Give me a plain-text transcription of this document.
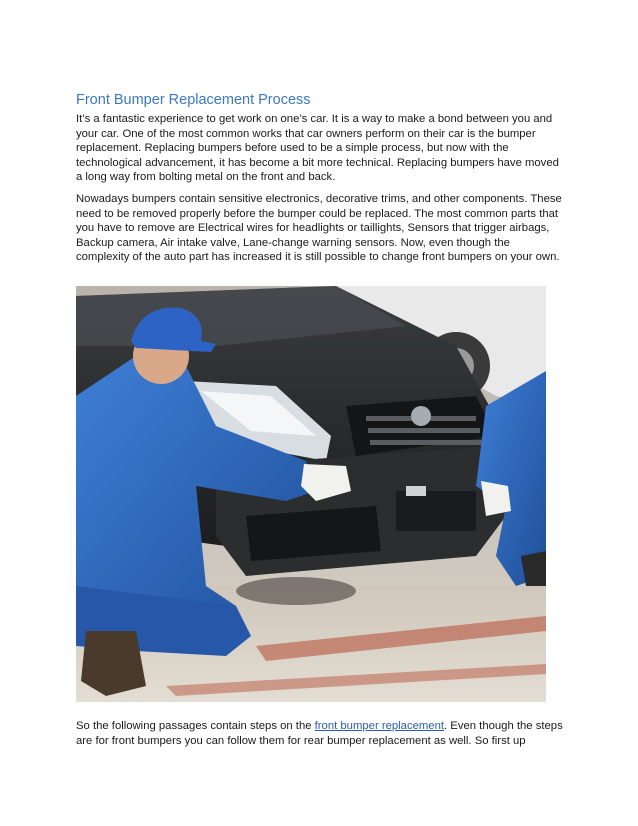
Front Bumper Replacement Process

It’s a fantastic experience to get work on one’s car. It is a way to make a bond between you and your car. One of the most common works that car owners perform on their car is the bumper replacement. Replacing bumpers before used to be a simple process, but now with the technological advancement, it has become a bit more technical. Replacing bumpers have moved a long way from bolting metal on the front and back.

Nowadays bumpers contain sensitive electronics, decorative trims, and other components. These need to be removed properly before the bumper could be replaced. The most common parts that you have to remove are Electrical wires for headlights or taillights, Sensors that trigger airbags, Backup camera, Air intake valve, Lane-change warning sensors. Now, even though the complexity of the auto part has increased it is still possible to change front bumpers on your own.

So the following passages contain steps on the front bumper replacement. Even though the steps are for front bumpers you can follow them for rear bumper replacement as well. So first up
